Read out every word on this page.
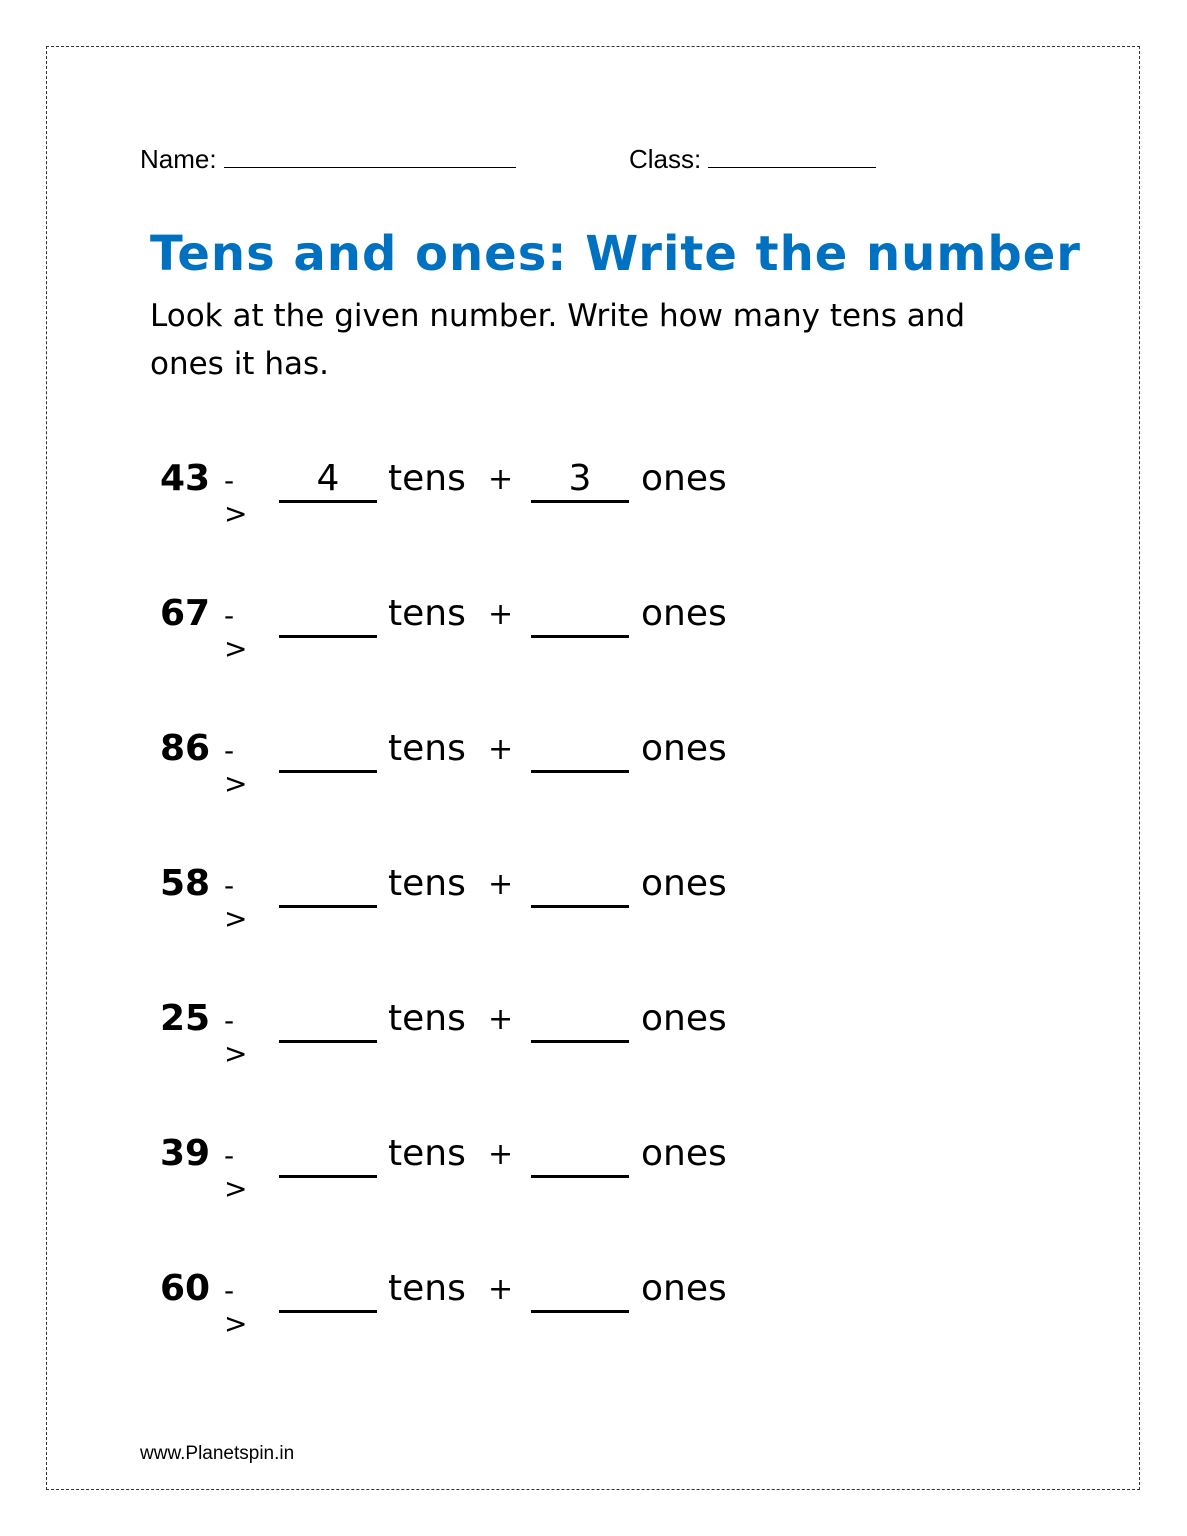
Name:	Class:
Tens and ones: Write the number
Look at the given number. Write how many tens and ones it has.
43 ->
4	tens +	3	ones
67 ->
tens +	ones
86 ->
tens +	ones
58 ->
tens +	ones
25 ->
tens +	ones
39 ->
tens +	ones
60 ->
tens +	ones
www.Planetspin.in
